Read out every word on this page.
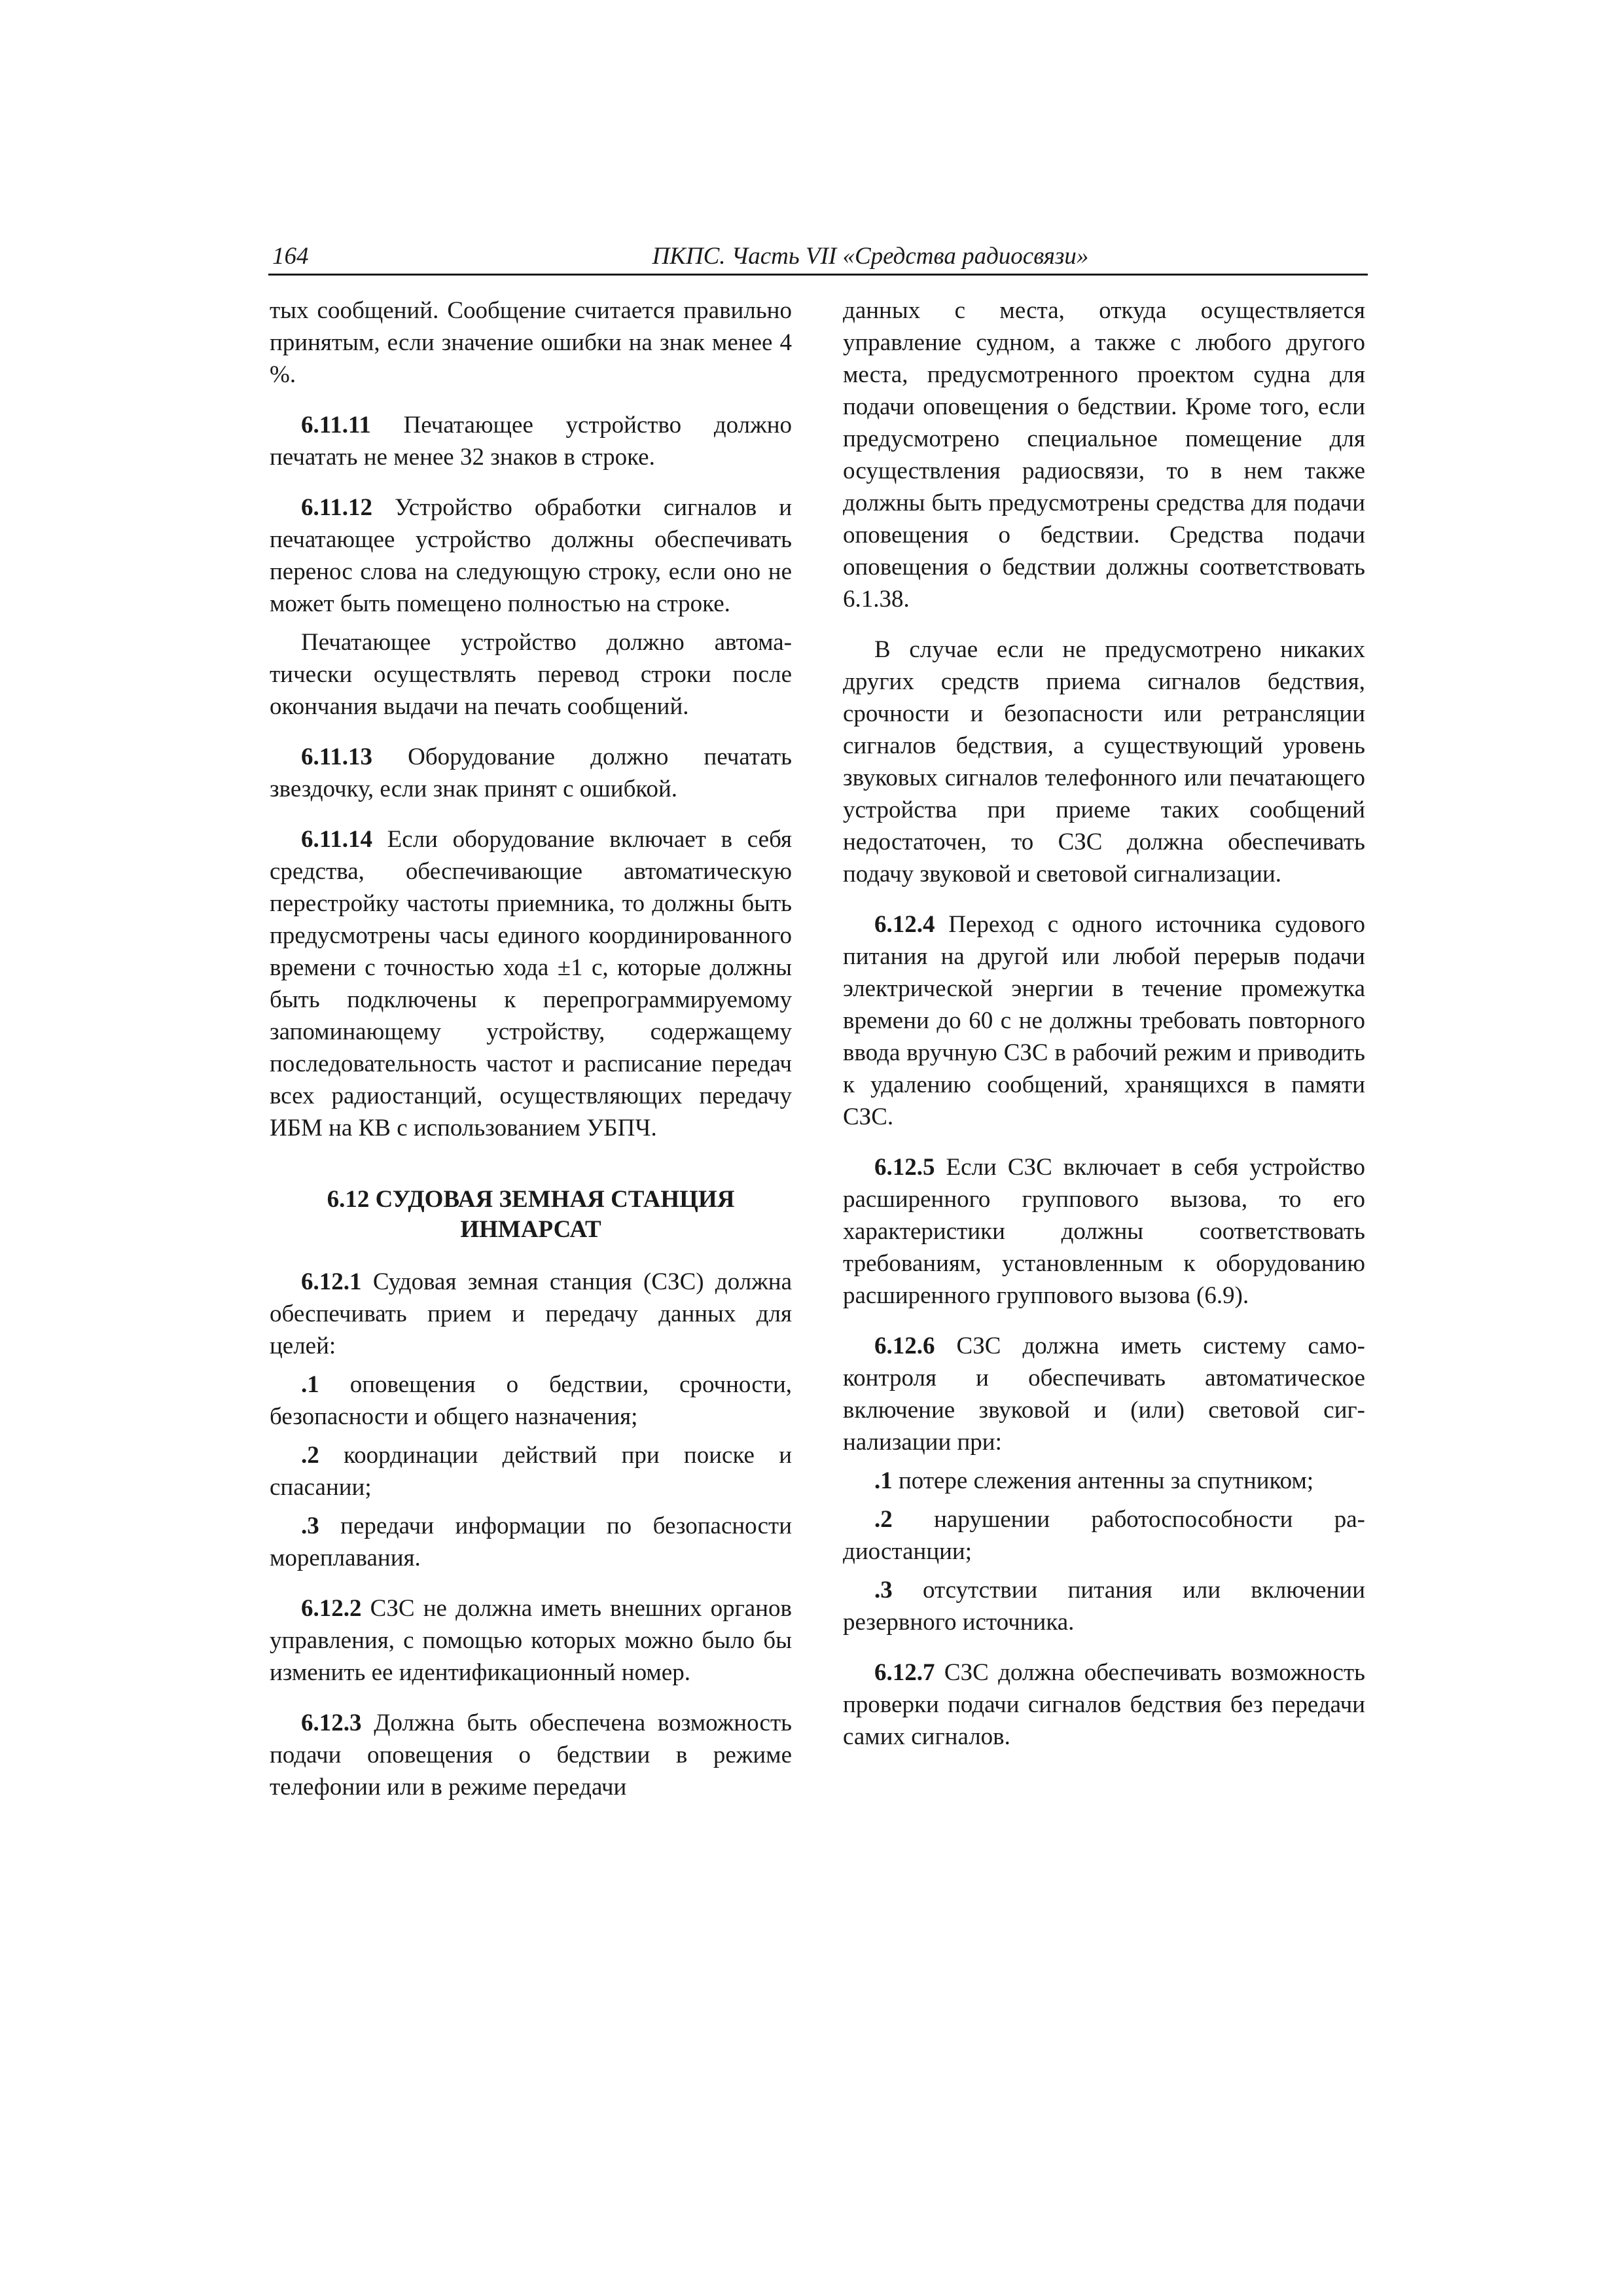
164	ПКПС. Часть VII «Средства радиосвязи»

тых сообщений. Сообщение считается правильно принятым, если значение ошибки на знак менее 4 %.

6.11.11 Печатающее устройство должно печатать не менее 32 знаков в строке.

6.11.12 Устройство обработки сигналов и печатающее устройство должны обеспечивать перенос слова на следующую строку, если оно не может быть помещено полностью на строке.

Печатающее устройство должно автоматически осуществлять перевод строки после окончания выдачи на печать сообщений.

6.11.13 Оборудование должно печатать звездочку, если знак принят с ошибкой.

6.11.14 Если оборудование включает в себя средства, обеспечивающие автоматическую перестройку частоты приемника, то должны быть предусмотрены часы единого координированного времени с точностью хода ±1 с, которые должны быть подключены к перепрограммируемому запоминающему устройству, содержащему последовательность частот и расписание передач всех радиостанций, осуществляющих передачу ИБМ на КВ с использованием УБПЧ.

6.12 СУДОВАЯ ЗЕМНАЯ СТАНЦИЯ
ИНМАРСАТ

6.12.1 Судовая земная станция (СЗС) должна обеспечивать прием и передачу данных для целей:

.1 оповещения о бедствии, срочности, безопасности и общего назначения;

.2 координации действий при поиске и спасании;

.3 передачи информации по безопасности мореплавания.

6.12.2 СЗС не должна иметь внешних органов управления, с помощью которых можно было бы изменить ее идентификационный номер.

6.12.3 Должна быть обеспечена возможность подачи оповещения о бедствии в режиме телефонии или в режиме передачи

данных с места, откуда осуществляется управление судном, а также с любого другого места, предусмотренного проектом судна для подачи оповещения о бедствии. Кроме того, если предусмотрено специальное помещение для осуществления радиосвязи, то в нем также должны быть предусмотрены средства для подачи оповещения о бедствии. Средства подачи оповещения о бедствии должны соответствовать 6.1.38.

В случае если не предусмотрено никаких других средств приема сигналов бедствия, срочности и безопасности или ретрансляции сигналов бедствия, а существующий уровень звуковых сигналов телефонного или печатающего устройства при приеме таких сообщений недостаточен, то СЗС должна обеспечивать подачу звуковой и световой сигнализации.

6.12.4 Переход с одного источника судового питания на другой или любой перерыв подачи электрической энергии в течение промежутка времени до 60 с не должны требовать повторного ввода вручную СЗС в рабочий режим и приводить к удалению сообщений, хранящихся в памяти СЗС.

6.12.5 Если СЗС включает в себя устройство расширенного группового вызова, то его характеристики должны соответствовать требованиям, установленным к оборудованию расширенного группового вызова (6.9).

6.12.6 СЗС должна иметь систему самоконтроля и обеспечивать автоматическое включение звуковой и (или) световой сигнализации при:

.1 потере слежения антенны за спутником;

.2 нарушении работоспособности радиостанции;

.3 отсутствии питания или включении резервного источника.

6.12.7 СЗС должна обеспечивать возможность проверки подачи сигналов бедствия без передачи самих сигналов.
